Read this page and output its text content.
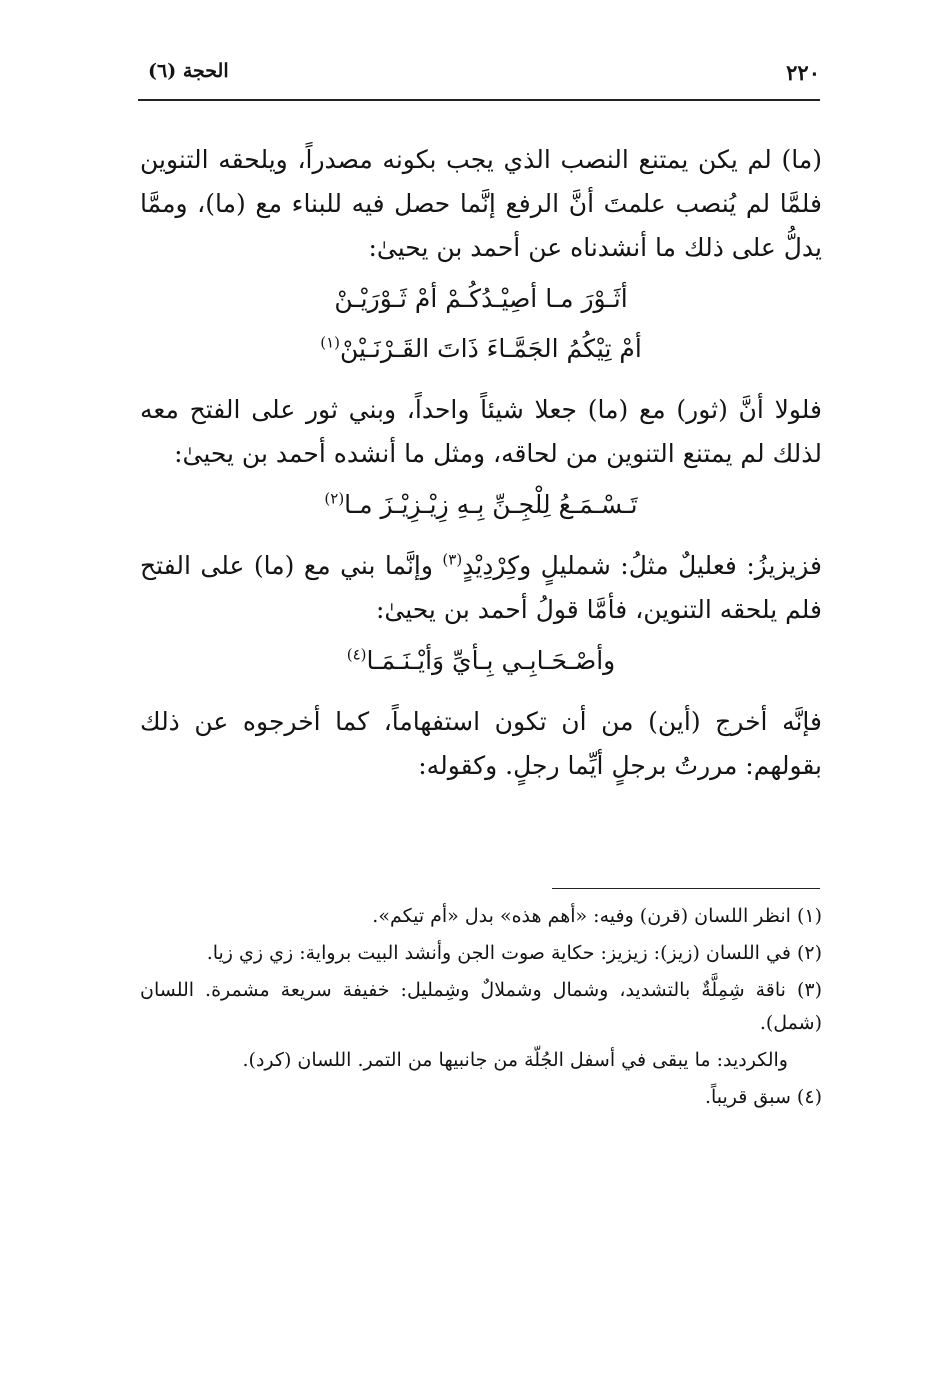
٢٢٠
الحجة (٦)

(ما) لم يكن يمتنع النصب الذي يجب بكونه مصدراً، ويلحقه التنوين فلمَّا لم يُنصب علمتَ أنَّ الرفع إنَّما حصل فيه للبناء مع (ما)، وممَّا يدلُّ على ذلك ما أنشدناه عن أحمد بن يحيىٰ:

أثَـوْرَ مـا أصِيْـدُكُـمْ أمْ ثَـوْرَيْـنْ

أمْ تِيْكُمُ الجَمَّـاءَ ذَاتَ القَـرْنَـيْنْ$^{(١)}$

فلولا أنَّ (ثور) مع (ما) جعلا شيئاً واحداً، وبني ثور على الفتح معه لذلك لم يمتنع التنوين من لحاقه، ومثل ما أنشده أحمد بن يحيىٰ:

تَـسْـمَـعُ لِلْجِـنِّ بِـهِ زِيْـزِيْـزَ مـا$^{(٢)}$

فزيزيزُ: فعليلٌ مثلُ: شمليلٍ وكِرْدِيْدٍ$^{(٣)}$ وإنَّما بني مع (ما) على الفتح فلم يلحقه التنوين، فأمَّا قولُ أحمد بن يحيىٰ:

وأصْـحَـابِـي بِـأيِّ وَأيْـنَـمَـا$^{(٤)}$

فإنَّه أخرج (أين) من أن تكون استفهاماً، كما أخرجوه عن ذلك بقولهم: مررتُ برجلٍ أيِّما رجلٍ. وكقوله:

(١) انظر اللسان (قرن) وفيه: «أهم هذه» بدل «أم تيكم».

(٢) في اللسان (زيز): زيزيز: حكاية صوت الجن وأنشد البيت برواية: زي زي زيا.

(٣) ناقة شِمِلَّةٌ بالتشديد، وشمال وشملالٌ وشِمليل: خفيفة سريعة مشمرة. اللسان (شمل).

والكرديد: ما يبقى في أسفل الجُلّة من جانبيها من التمر. اللسان (كرد).

(٤) سبق قريباً.
